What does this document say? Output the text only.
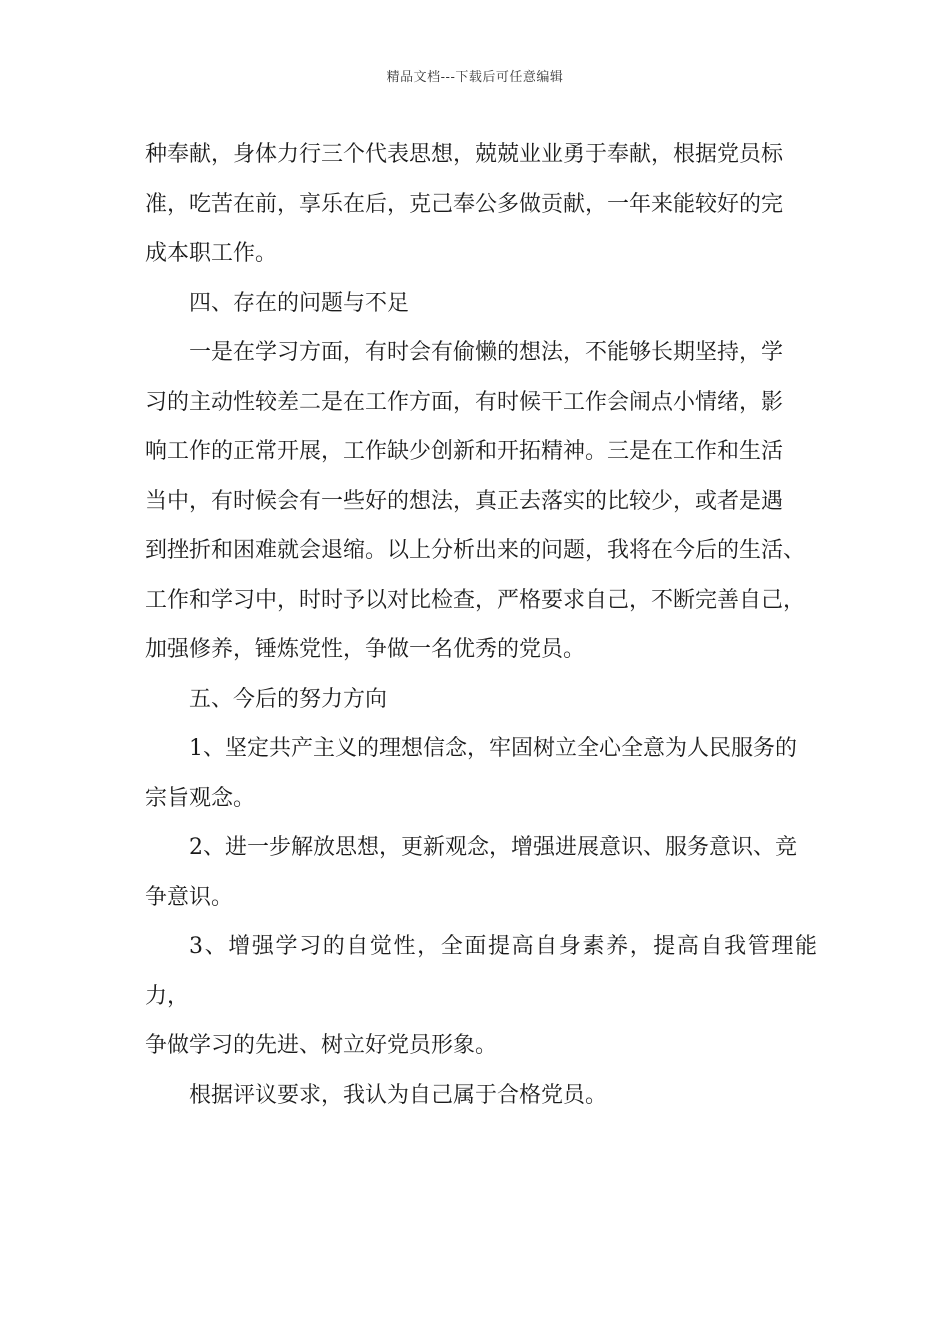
精品文档---下载后可任意编辑

种奉献，身体力行三个代表思想，兢兢业业勇于奉献，根据党员标
准，吃苦在前，享乐在后，克己奉公多做贡献，一年来能较好的完
成本职工作。

四、存在的问题与不足

一是在学习方面，有时会有偷懒的想法，不能够长期坚持，学
习的主动性较差二是在工作方面，有时候干工作会闹点小情绪，影
响工作的正常开展，工作缺少创新和开拓精神。三是在工作和生活
当中，有时候会有一些好的想法，真正去落实的比较少，或者是遇
到挫折和困难就会退缩。以上分析出来的问题，我将在今后的生活、
工作和学习中，时时予以对比检查，严格要求自己，不断完善自己，
加强修养，锤炼党性，争做一名优秀的党员。

五、今后的努力方向

1、坚定共产主义的理想信念，牢固树立全心全意为人民服务的
宗旨观念。

2、进一步解放思想，更新观念，增强进展意识、服务意识、竞
争意识。

3、增强学习的自觉性，全面提高自身素养，提高自我管理能力，
争做学习的先进、树立好党员形象。

根据评议要求，我认为自己属于合格党员。
